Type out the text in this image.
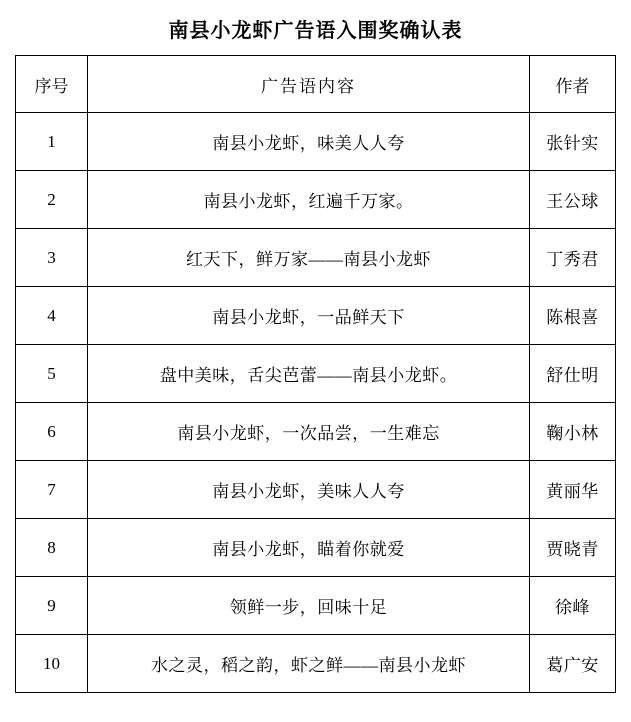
南县小龙虾广告语入围奖确认表
序号	广告语内容	作者
1	南县小龙虾，味美人人夸	张针实
2	南县小龙虾，红遍千万家。	王公球
3	红天下，鲜万家——南县小龙虾	丁秀君
4	南县小龙虾，一品鲜天下	陈根喜
5	盘中美味，舌尖芭蕾——南县小龙虾。	舒仕明
6	南县小龙虾，一次品尝，一生难忘	鞠小林
7	南县小龙虾，美味人人夸	黄丽华
8	南县小龙虾，瞄着你就爱	贾晓青
9	领鲜一步，回味十足	徐峰
10	水之灵，稻之韵，虾之鲜——南县小龙虾	葛广安
